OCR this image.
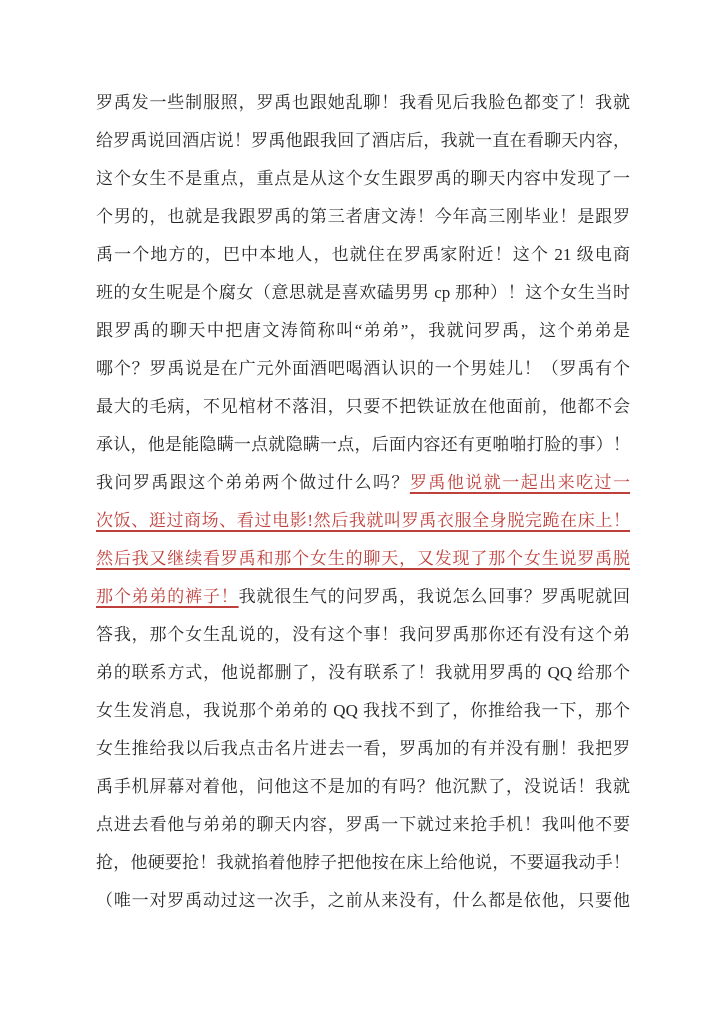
罗禹发一些制服照，罗禹也跟她乱聊！我看见后我脸色都变了！我就
给罗禹说回酒店说！罗禹他跟我回了酒店后，我就一直在看聊天内容，
这个女生不是重点，重点是从这个女生跟罗禹的聊天内容中发现了一
个男的，也就是我跟罗禹的第三者唐文涛！今年高三刚毕业！是跟罗
禹一个地方的，巴中本地人，也就住在罗禹家附近！这个 21 级电商
班的女生呢是个腐女（意思就是喜欢磕男男 cp 那种）！这个女生当时
跟罗禹的聊天中把唐文涛简称叫“弟弟”，我就问罗禹，这个弟弟是
哪个？罗禹说是在广元外面酒吧喝酒认识的一个男娃儿！（罗禹有个
最大的毛病，不见棺材不落泪，只要不把铁证放在他面前，他都不会
承认，他是能隐瞒一点就隐瞒一点，后面内容还有更啪啪打脸的事）！
我问罗禹跟这个弟弟两个做过什么吗？罗禹他说就一起出来吃过一
次饭、逛过商场、看过电影!然后我就叫罗禹衣服全身脱完跪在床上！
然后我又继续看罗禹和那个女生的聊天，又发现了那个女生说罗禹脱
那个弟弟的裤子！我就很生气的问罗禹，我说怎么回事？罗禹呢就回
答我，那个女生乱说的，没有这个事！我问罗禹那你还有没有这个弟
弟的联系方式，他说都删了，没有联系了！我就用罗禹的 QQ 给那个
女生发消息，我说那个弟弟的 QQ 我找不到了，你推给我一下，那个
女生推给我以后我点击名片进去一看，罗禹加的有并没有删！我把罗
禹手机屏幕对着他，问他这不是加的有吗？他沉默了，没说话！我就
点进去看他与弟弟的聊天内容，罗禹一下就过来抢手机！我叫他不要
抢，他硬要抢！我就掐着他脖子把他按在床上给他说，不要逼我动手！
（唯一对罗禹动过这一次手，之前从来没有，什么都是依他，只要他
